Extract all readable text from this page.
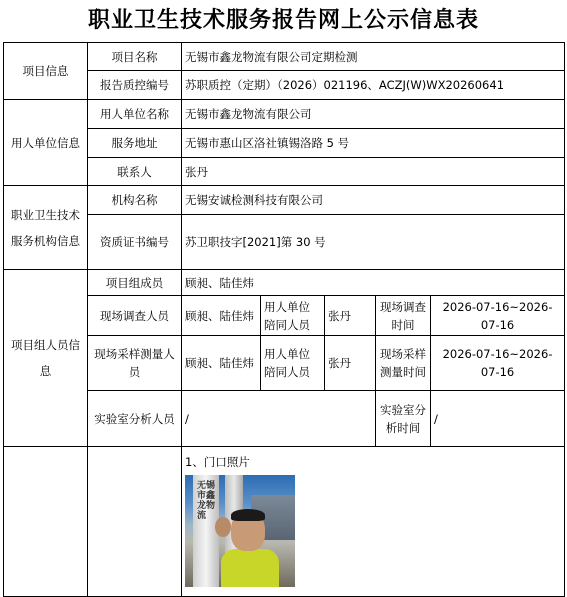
职业卫生技术服务报告网上公示信息表
项目信息	项目名称	无锡市鑫龙物流有限公司定期检测				
	报告质控编号	苏职质控（定期）（2026）021196、ACZJ(W)WX20260641				
用人单位信息	用人单位名称	无锡市鑫龙物流有限公司				
	服务地址	无锡市惠山区洛社镇锡洛路 5 号				
	联系人	张丹				
职业卫生技术服务机构信息	机构名称	无锡安诚检测科技有限公司				
	资质证书编号	苏卫职技字[2021]第 30 号				
项目组人员信息	项目组成员	顾昶、陆佳炜				
	现场调查人员	顾昶、陆佳炜	用人单位陪同人员	张丹	现场调查时间	2026-07-16~2026-07-16
	现场采样测量人员	顾昶、陆佳炜	用人单位陪同人员	张丹	现场采样测量时间	2026-07-16~2026-07-16
	实验室分析人员	/			实验室分析时间	/

		1、门口照片
无锡市鑫龙物流				
